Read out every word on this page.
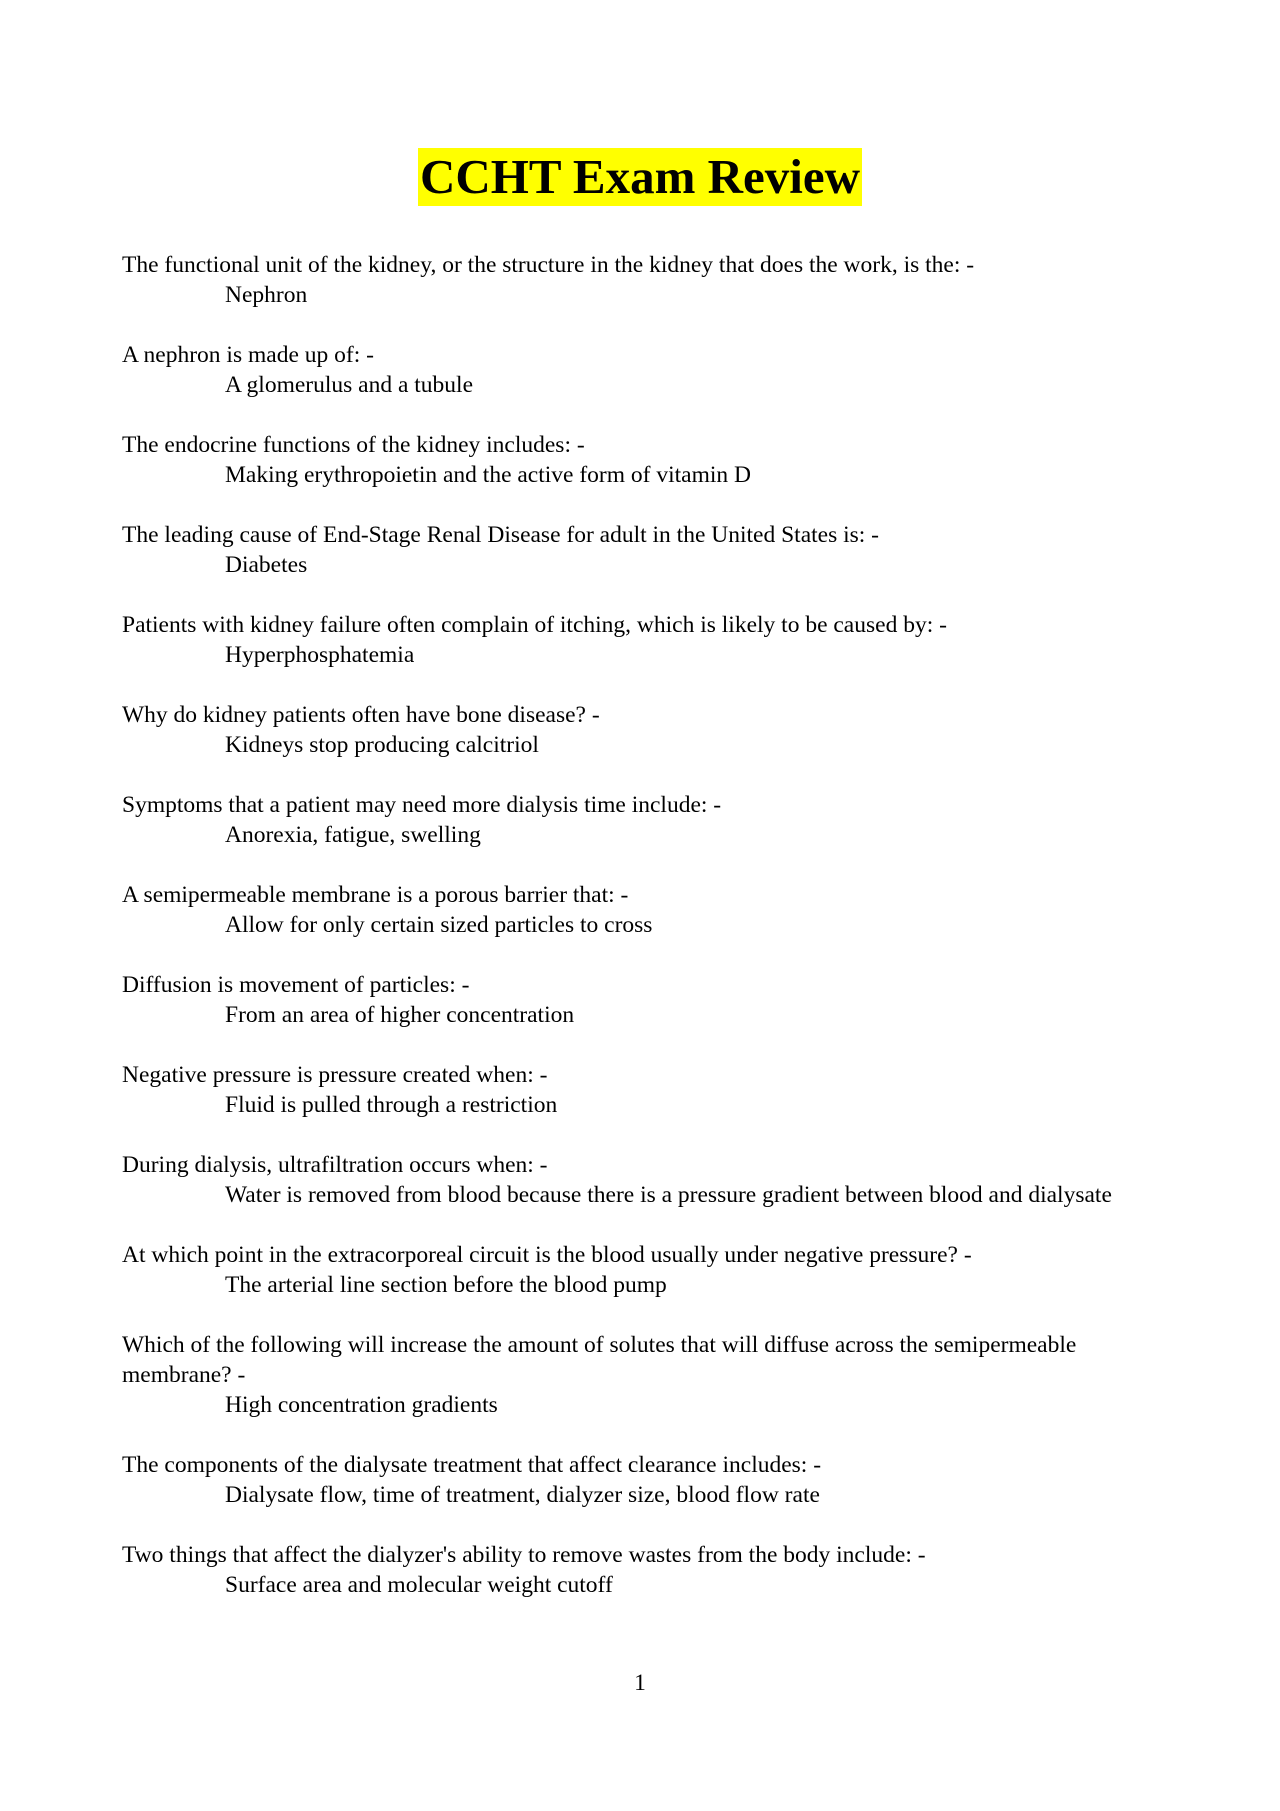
CCHT Exam Review
The functional unit of the kidney, or the structure in the kidney that does the work, is the: -
Nephron
A nephron is made up of: -
A glomerulus and a tubule
The endocrine functions of the kidney includes: -
Making erythropoietin and the active form of vitamin D
The leading cause of End-Stage Renal Disease for adult in the United States is: -
Diabetes
Patients with kidney failure often complain of itching, which is likely to be caused by: -
Hyperphosphatemia
Why do kidney patients often have bone disease? -
Kidneys stop producing calcitriol
Symptoms that a patient may need more dialysis time include: -
Anorexia, fatigue, swelling
A semipermeable membrane is a porous barrier that: -
Allow for only certain sized particles to cross
Diffusion is movement of particles: -
From an area of higher concentration
Negative pressure is pressure created when: -
Fluid is pulled through a restriction
During dialysis, ultrafiltration occurs when: -
Water is removed from blood because there is a pressure gradient between blood and dialysate
At which point in the extracorporeal circuit is the blood usually under negative pressure? -
The arterial line section before the blood pump
Which of the following will increase the amount of solutes that will diffuse across the semipermeable membrane? -
High concentration gradients
The components of the dialysate treatment that affect clearance includes: -
Dialysate flow, time of treatment, dialyzer size, blood flow rate
Two things that affect the dialyzer's ability to remove wastes from the body include: -
Surface area and molecular weight cutoff
1
